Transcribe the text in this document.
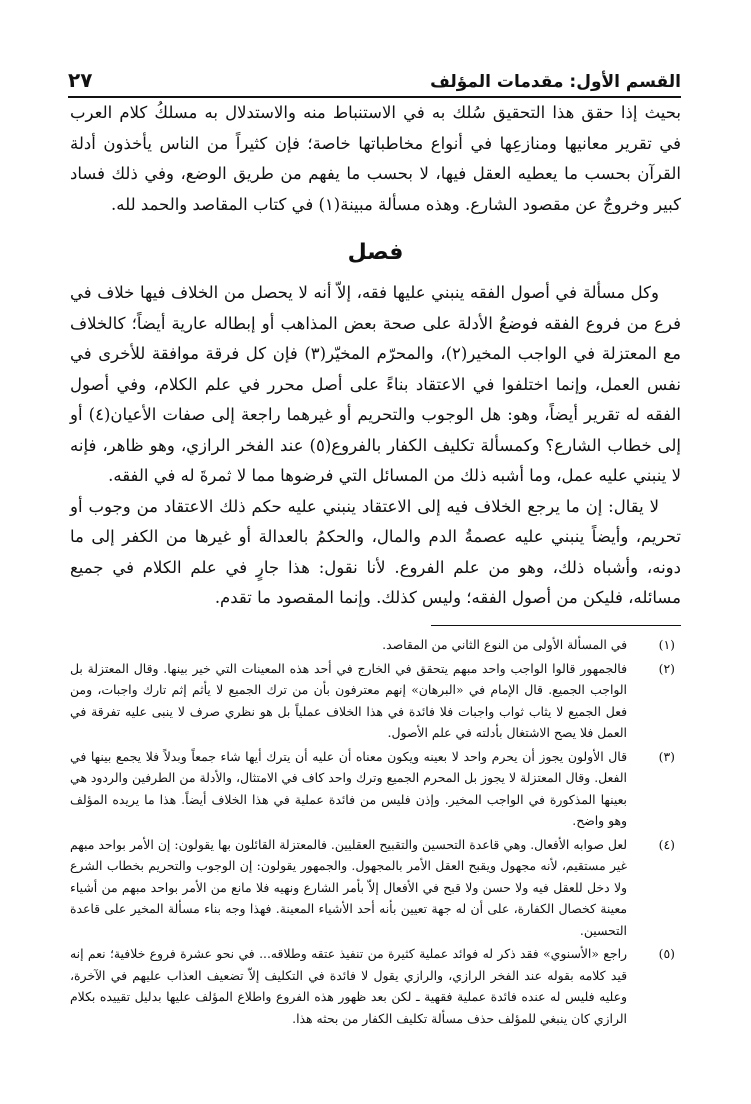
القسم الأول: مقدمات المؤلف
٢٧

بحيث إذا حقق هذا التحقيق سُلك به في الاستنباط منه والاستدلال به مسلكُ كلام العرب في تقرير معانيها ومنازعِها في أنواع مخاطباتها خاصة؛ فإن كثيراً من الناس يأخذون أدلة القرآن بحسب ما يعطيه العقل فيها، لا بحسب ما يفهم من طريق الوضع، وفي ذلك فساد كبير وخروجٌ عن مقصود الشارع. وهذه مسألة مبينة(١) في كتاب المقاصد والحمد لله.

فصل

وكل مسألة في أصول الفقه ينبني عليها فقه، إلاّ أنه لا يحصل من الخلاف فيها خلاف في فرع من فروع الفقه فوضعُ الأدلة على صحة بعض المذاهب أو إبطاله عارية أيضاً؛ كالخلاف مع المعتزلة في الواجب المخير(٢)، والمحرّم المخيّر(٣) فإن كل فرقة موافقة للأخرى في نفس العمل، وإنما اختلفوا في الاعتقاد بناءً على أصل محرر في علم الكلام، وفي أصول الفقه له تقرير أيضاً، وهو: هل الوجوب والتحريم أو غيرهما راجعة إلى صفات الأعيان(٤) أو إلى خطاب الشارع؟ وكمسألة تكليف الكفار بالفروع(٥) عند الفخر الرازي، وهو ظاهر، فإنه لا ينبني عليه عمل، وما أشبه ذلك من المسائل التي فرضوها مما لا ثمرةَ له في الفقه.

لا يقال: إن ما يرجع الخلاف فيه إلى الاعتقاد ينبني عليه حكم ذلك الاعتقاد من وجوب أو تحريم، وأيضاً ينبني عليه عصمةُ الدم والمال، والحكمُ بالعدالة أو غيرها من الكفر إلى ما دونه، وأشباه ذلك، وهو من علم الفروع. لأنا نقول: هذا جارٍ في علم الكلام في جميع مسائله، فليكن من أصول الفقه؛ وليس كذلك. وإنما المقصود ما تقدم.

(١)
في المسألة الأولى من النوع الثاني من المقاصد.
(٢)
فالجمهور قالوا الواجب واحد مبهم يتحقق في الخارج في أحد هذه المعينات التي خير بينها. وقال المعتزلة بل الواجب الجميع. قال الإمام في «البرهان» إنهم معترفون بأن من ترك الجميع لا يأثم إثم تارك واجبات، ومن فعل الجميع لا يثاب ثواب واجبات فلا فائدة في هذا الخلاف عملياً بل هو نظري صرف لا ينبى عليه تفرقة في العمل فلا يصح الاشتغال بأدلته في علم الأصول.
(٣)
قال الأولون يجوز أن يحرم واحد لا بعينه ويكون معناه أن عليه أن يترك أيها شاء جمعاً وبدلاً فلا يجمع بينها في الفعل. وقال المعتزلة لا يجوز بل المحرم الجميع وترك واحد كاف في الامتثال، والأدلة من الطرفين والردود هي بعينها المذكورة في الواجب المخير. وإذن فليس من فائدة عملية في هذا الخلاف أيضاً. هذا ما يريده المؤلف وهو واضح.
(٤)
لعل صوابه الأفعال. وهي قاعدة التحسين والتقبيح العقليين. فالمعتزلة القائلون بها يقولون: إن الأمر بواحد مبهم غير مستقيم، لأنه مجهول ويقبح العقل الأمر بالمجهول. والجمهور يقولون: إن الوجوب والتحريم بخطاب الشرع ولا دخل للعقل فيه ولا حسن ولا قبح في الأفعال إلاّ بأمر الشارع ونهيه فلا مانع من الأمر بواحد مبهم من أشياء معينة كخصال الكفارة، على أن له جهة تعيين بأنه أحد الأشياء المعينة. فهذا وجه بناء مسألة المخير على قاعدة التحسين.
(٥)
راجع «الأسنوي» فقد ذكر له فوائد عملية كثيرة من تنفيذ عتقه وطلاقه... في نحو عشرة فروع خلافية؛ نعم إنه قيد كلامه بقوله عند الفخر الرازي، والرازي يقول لا فائدة في التكليف إلاّ تضعيف العذاب عليهم في الآخرة، وعليه فليس له عنده فائدة عملية فقهية ـ لكن بعد ظهور هذه الفروع واطلاع المؤلف عليها بدليل تقييده بكلام الرازي كان ينبغي للمؤلف حذف مسألة تكليف الكفار من بحثه هذا.
